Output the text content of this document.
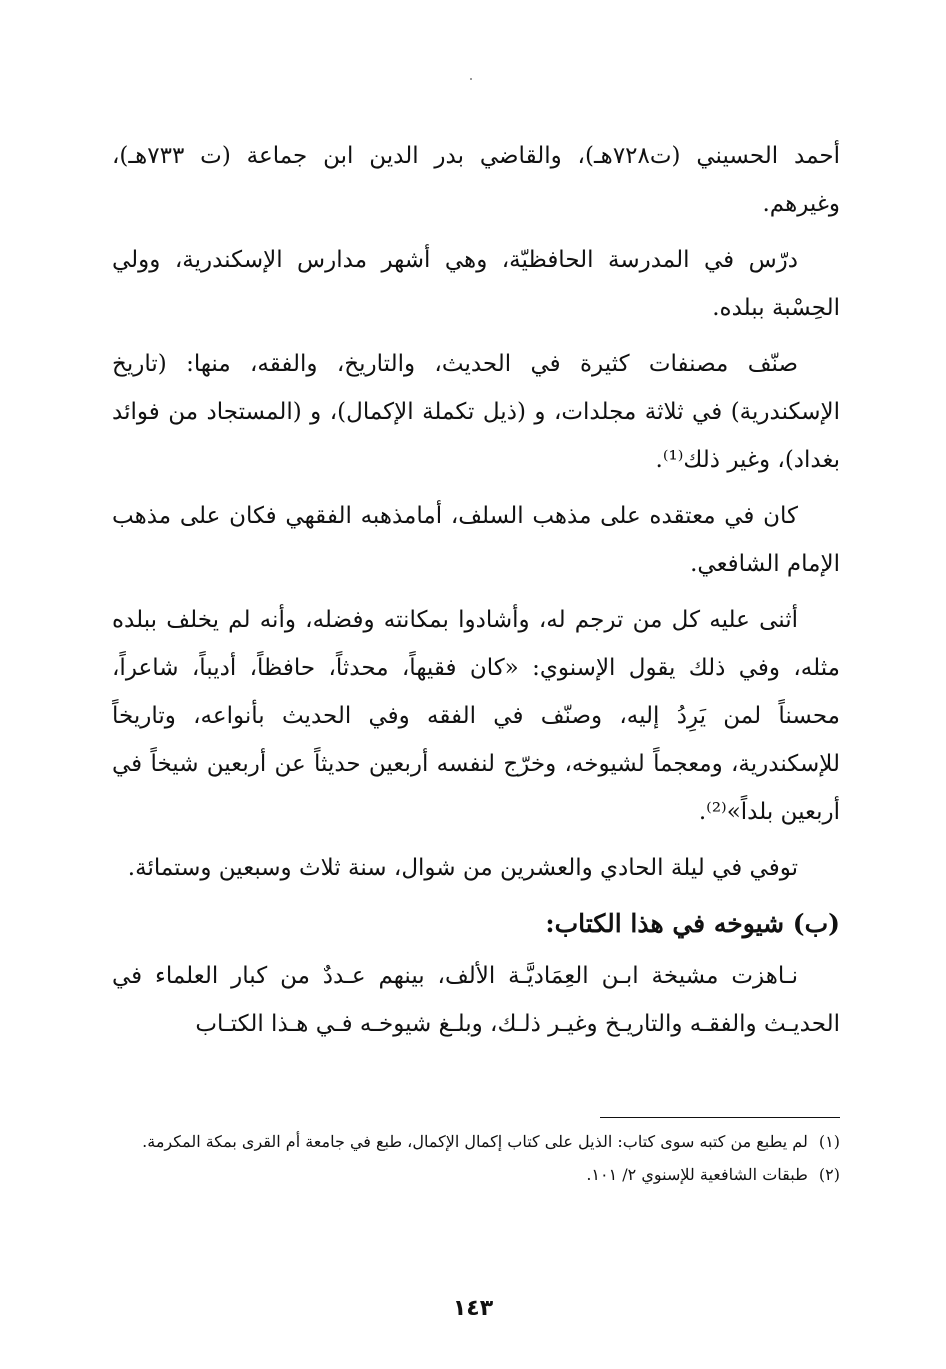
أحمد الحسيني (ت٧٢٨هـ)، والقاضي بدر الدين ابن جماعة (ت ٧٣٣هـ)، وغيرهم.

درّس في المدرسة الحافظيّة، وهي أشهر مدارس الإسكندرية، وولي الحِسْبة ببلده.

صنّف مصنفات كثيرة في الحديث، والتاريخ، والفقه، منها: (تاريخ الإسكندرية) في ثلاثة مجلدات، و (ذيل تكملة الإكمال)، و (المستجاد من فوائد بغداد)، وغير ذلك⁽¹⁾.

كان في معتقده على مذهب السلف، أمامذهبه الفقهي فكان على مذهب الإمام الشافعي.

أثنى عليه كل من ترجم له، وأشادوا بمكانته وفضله، وأنه لم يخلف ببلده مثله، وفي ذلك يقول الإسنوي: «كان فقيهاً، محدثاً، حافظاً، أديباً، شاعراً، محسناً لمن يَرِدُ إليه، وصنّف في الفقه وفي الحديث بأنواعه، وتاريخاً للإسكندرية، ومعجماً لشيوخه، وخرّج لنفسه أربعين حديثاً عن أربعين شيخاً في أربعين بلداً»⁽²⁾.

توفي في ليلة الحادي والعشرين من شوال، سنة ثلاث وسبعين وستمائة.

(ب) شيوخه في هذا الكتاب:

نـاهزت مشيخة ابـن العِمَاديَّـة الألف، بينهم عـددٌ من كبار العلماء في الحديـث والفقـه والتاريـخ وغيـر ذلـك، وبلـغ شيوخـه فـي هـذا الكتـاب

(١) لم يطبع من كتبه سوى كتاب: الذيل على كتاب إكمال الإكمال، طبع في جامعة أم القرى بمكة المكرمة.

(٢) طبقات الشافعية للإسنوي ٢/ ١٠١.

١٤٣
